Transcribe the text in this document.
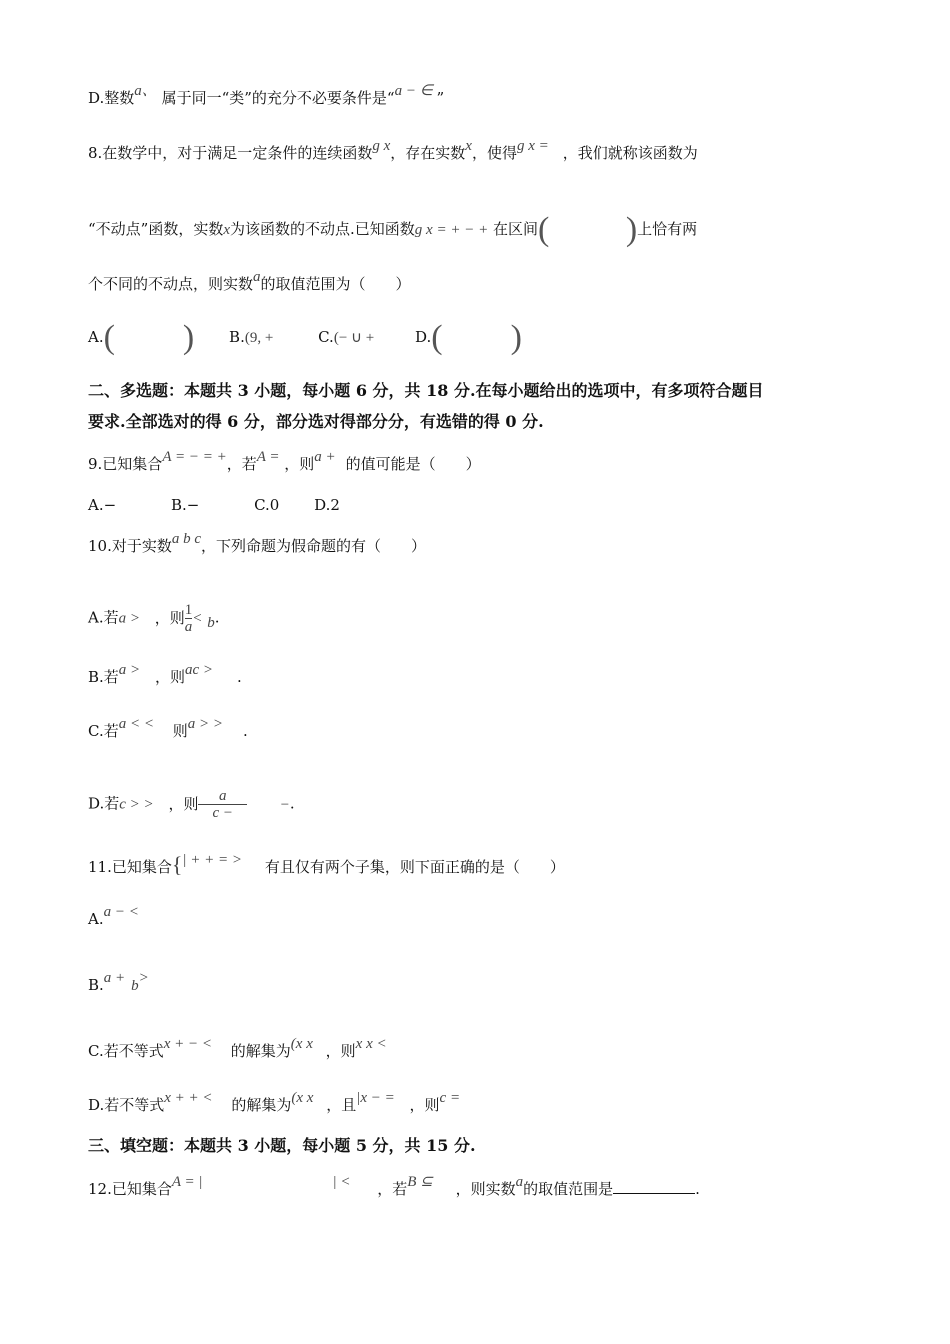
D.整数a、 属于同一“类”的充分不必要条件是“a − ∈ ”
8.在数学中，对于满足一定条件的连续函数g x，存在实数x，使得g x = ，我们就称该函数为
“不动点”函数，实数x为该函数的不动点.已知函数g x = + − + 在区间(         )上恰有两
个不同的不动点，则实数a的取值范围为（　　）
A.(        ) B.(9, +	C.(− ∪ +	D.(        )
二、多选题：本题共 3 小题，每小题 6 分，共 18 分.在每小题给出的选项中，有多项符合题目
要求.全部选对的得 6 分，部分选对得部分分，有选错的得 0 分.
9.已知集合A = − = +，若A = ，则a + 的值可能是（　　）
A.−	B.−	C.0 D.2
10.对于实数a b c，下列命题为假命题的有（　　）
A.若a > ，则$\frac{1}{a} < b$.
B.若a > ，则ac > .
C.若a < < 则a > > .
D.若c > > ，则$\frac{a}{c -}$ −.
11.已知集合{| + + = > 有且仅有两个子集，则下面正确的是（　　）
A.a − <
B.a + b>
C.若不等式x + − < 的解集为(x x ，则x x <
D.若不等式x + + < 的解集为(x x ，且|x − = ，则c =
三、填空题：本题共 3 小题，每小题 5 分，共 15 分.
12.已知集合A = |	| < ，若B ⊆ ，则实数a的取值范围是	.
